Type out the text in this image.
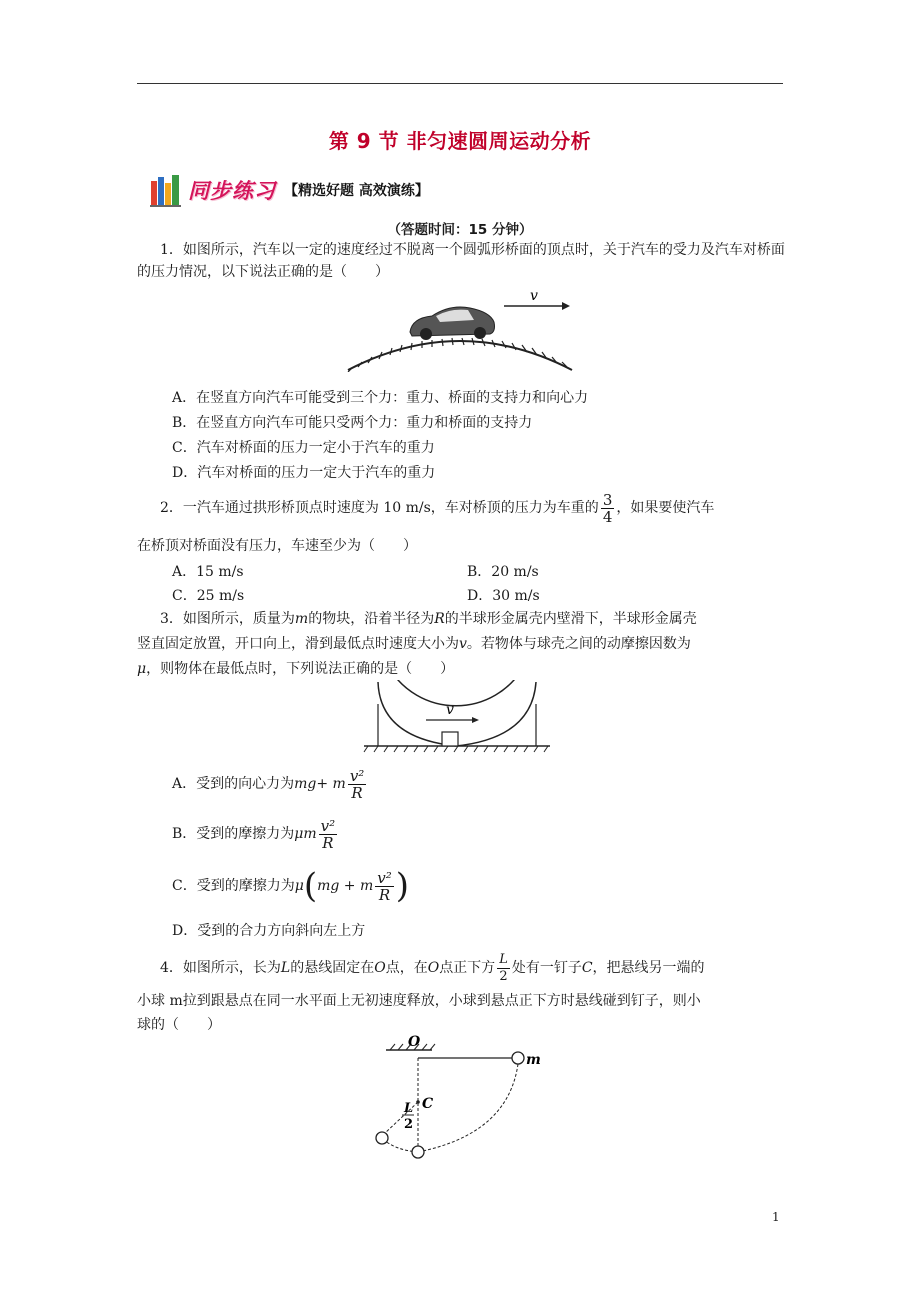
第 9 节 非匀速圆周运动分析
同步练习 【精选好题 高效演练】
（答题时间：15 分钟）
1．如图所示，汽车以一定的速度经过不脱离一个圆弧形桥面的顶点时，关于汽车的受力及汽车对桥面的压力情况，以下说法正确的是（　　）
v
A．在竖直方向汽车可能受到三个力：重力、桥面的支持力和向心力
B．在竖直方向汽车可能只受两个力：重力和桥面的支持力
C．汽车对桥面的压力一定小于汽车的重力
D．汽车对桥面的压力一定大于汽车的重力
2．一汽车通过拱形桥顶点时速度为 10 m/s，车对桥顶的压力为车重的 $\frac{3}{4}$ ，如果要使汽车
在桥顶对桥面没有压力，车速至少为（　　）
A．15 m/s	B．20 m/s
C．25 m/s	D．30 m/s
3．如图所示，质量为m的物块，沿着半径为R的半球形金属壳内壁滑下，半球形金属壳
竖直固定放置，开口向上，滑到最低点时速度大小为v。若物体与球壳之间的动摩擦因数为
μ，则物体在最低点时，下列说法正确的是（　　）
v
A．受到的向心力为mg+ m $\frac{\text{v²}}{R}$
B．受到的摩擦力为μm $\frac{\text{v²}}{R}$
C．受到的摩擦力为μ(mg + m $\frac{\text{v²}}{R}$ )
D．受到的合力方向斜向左上方
4．如图所示，长为L的悬线固定在O点，在O点正下方 $\frac{L}{2}$ 处有一钉子C，把悬线另一端的
小球 m拉到跟悬点在同一水平面上无初速度释放，小球到悬点正下方时悬线碰到钉子，则小
球的（　　）
O
m
L
2
C
1
